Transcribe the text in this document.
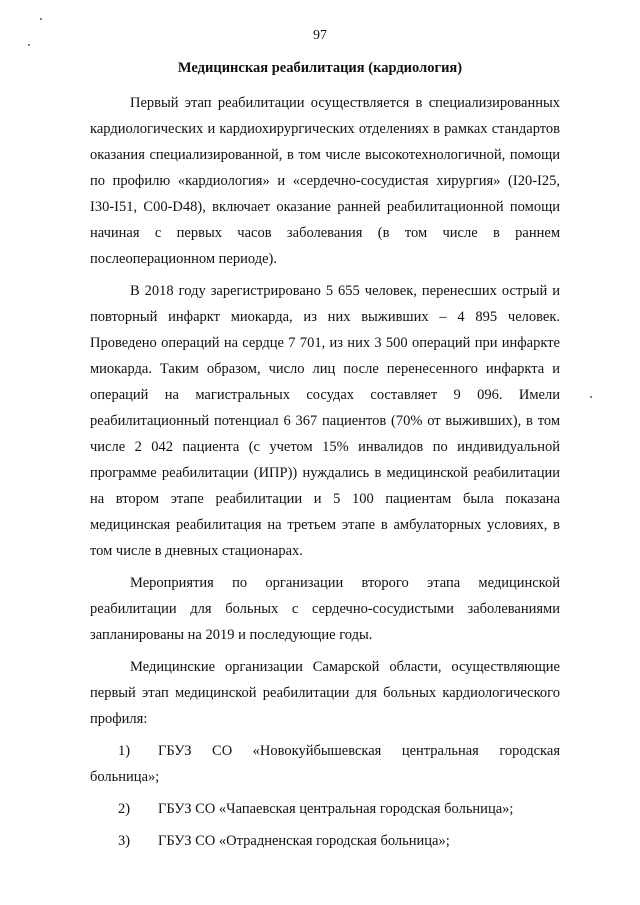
97
Медицинская реабилитация (кардиология)

Первый этап реабилитации осуществляется в специализированных кардиологических и кардиохирургических отделениях в рамках стандартов оказания специализированной, в том числе высокотехнологичной, помощи по профилю «кардиология» и «сердечно-сосудистая хирургия» (I20-I25, I30-I51, C00-D48), включает оказание ранней реабилитационной помощи начиная с первых часов заболевания (в том числе в раннем послеоперационном периоде).

В 2018 году зарегистрировано 5 655 человек, перенесших острый и повторный инфаркт миокарда, из них выживших – 4 895 человек. Проведено операций на сердце 7 701, из них 3 500 операций при инфаркте миокарда. Таким образом, число лиц после перенесенного инфаркта и операций на магистральных сосудах составляет 9 096. Имели реабилитационный потенциал 6 367 пациентов (70% от выживших), в том числе 2 042 пациента (с учетом 15% инвалидов по индивидуальной программе реабилитации (ИПР)) нуждались в медицинской реабилитации на втором этапе реабилитации и 5 100 пациентам была показана медицинская реабилитация на третьем этапе в амбулаторных условиях, в том числе в дневных стационарах.

Мероприятия по организации второго этапа медицинской реабилитации для больных с сердечно-сосудистыми заболеваниями запланированы на 2019 и последующие годы.

Медицинские организации Самарской области, осуществляющие первый этап медицинской реабилитации для больных кардиологического профиля:

1) ГБУЗ СО «Новокуйбышевская центральная городская больница»;

2) ГБУЗ СО «Чапаевская центральная городская больница»;

3) ГБУЗ СО «Отрадненская городская больница»;
